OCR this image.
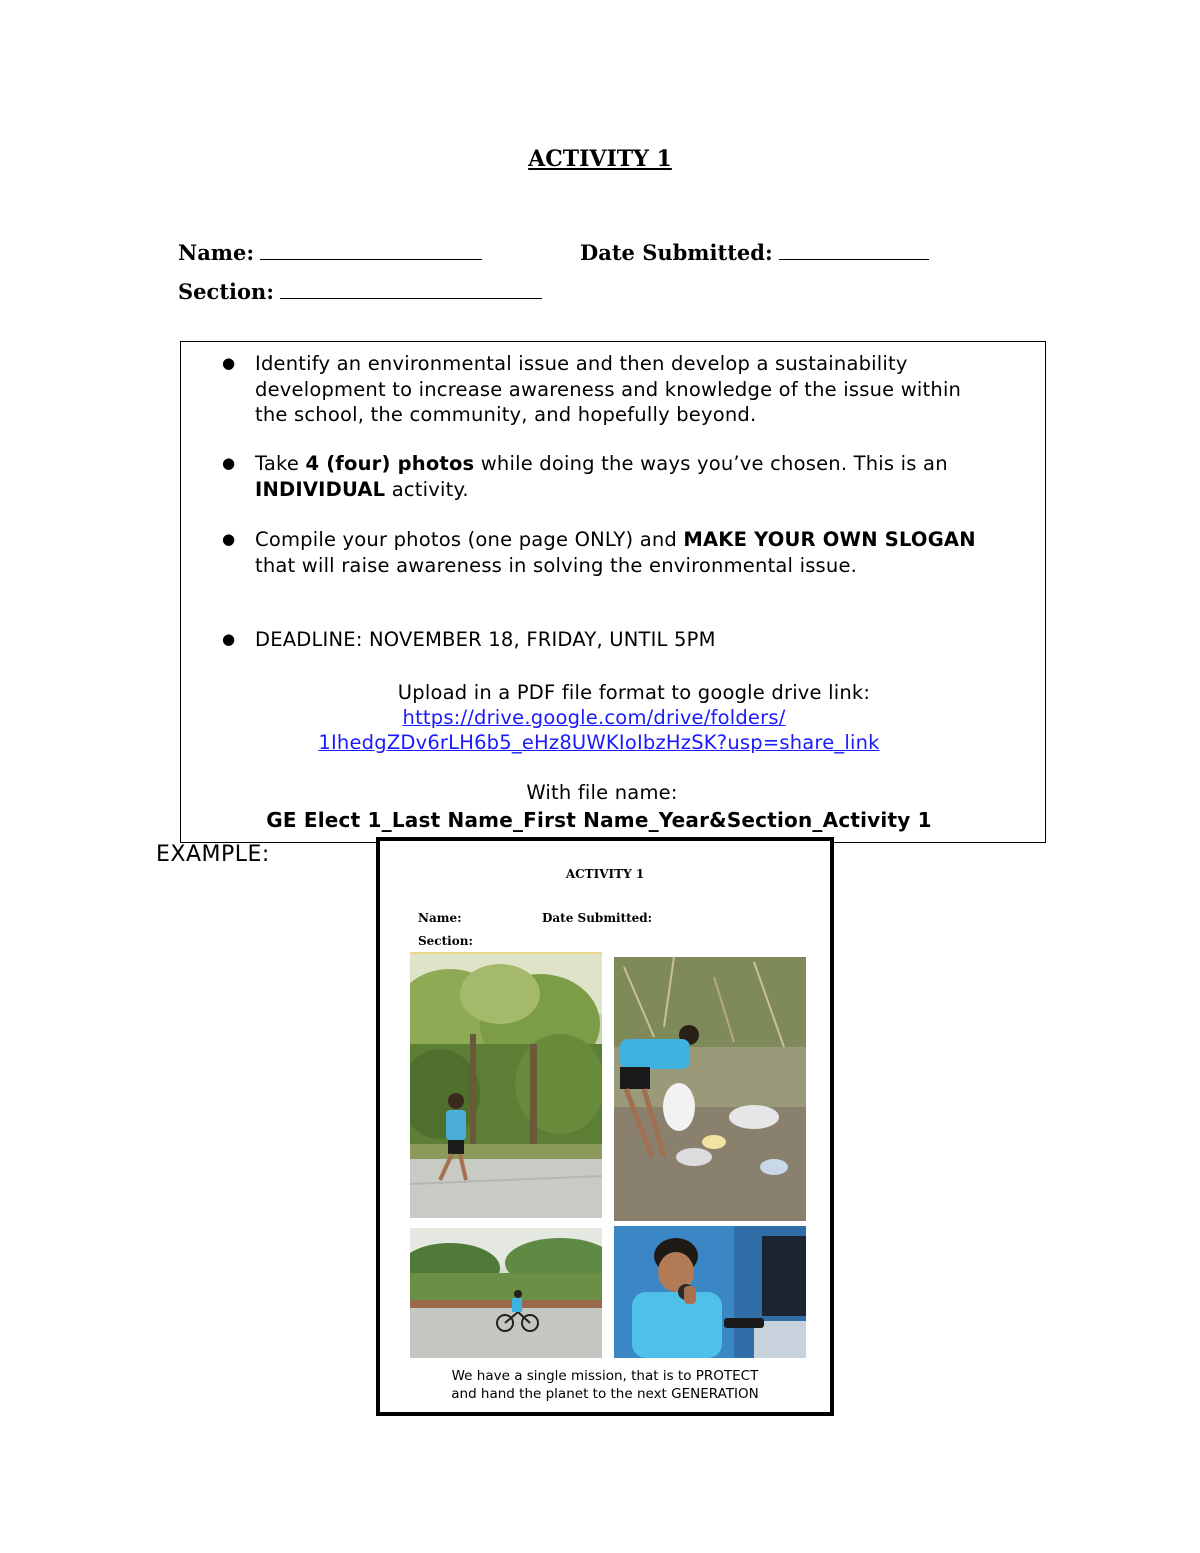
ACTIVITY 1
Name:	Date Submitted:
Section:
● Identify an environmental issue and then develop a sustainability development to increase awareness and knowledge of the issue within the school, the community, and hopefully beyond.
● Take 4 (four) photos while doing the ways you’ve chosen. This is an INDIVIDUAL activity.
● Compile your photos (one page ONLY) and MAKE YOUR OWN SLOGAN that will raise awareness in solving the environmental issue.
● DEADLINE: NOVEMBER 18, FRIDAY, UNTIL 5PM
Upload in a PDF file format to google drive link:
https://drive.google.com/drive/folders/
1IhedgZDv6rLH6b5_eHz8UWKIoIbzHzSK?usp=share_link
With file name:
GE Elect 1_Last Name_First Name_Year&Section_Activity 1
EXAMPLE:
ACTIVITY 1
Name:	Date Submitted:
Section:
We have a single mission, that is to PROTECT
and hand the planet to the next GENERATION
